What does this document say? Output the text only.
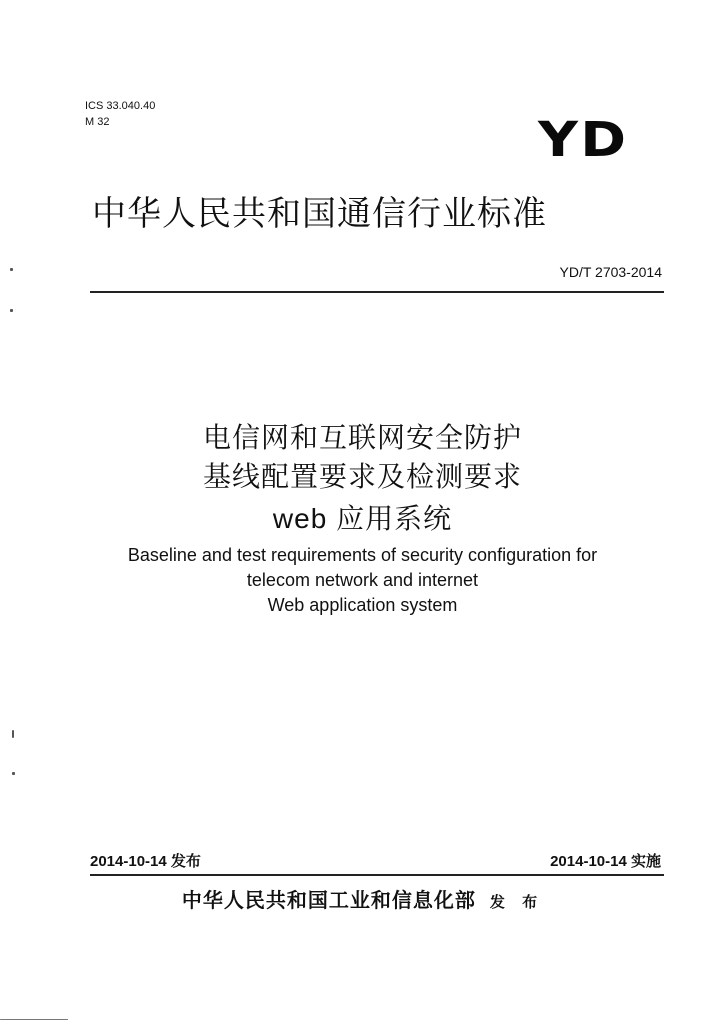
ICS 33.040.40
M 32	YD
中华人民共和国通信行业标准
YD/T 2703-2014
电信网和互联网安全防护
基线配置要求及检测要求
web 应用系统
Baseline and test requirements of security configuration for
telecom network and internet
Web application system
2014-10-14 发布	2014-10-14 实施
中华人民共和国工业和信息化部 发 布
